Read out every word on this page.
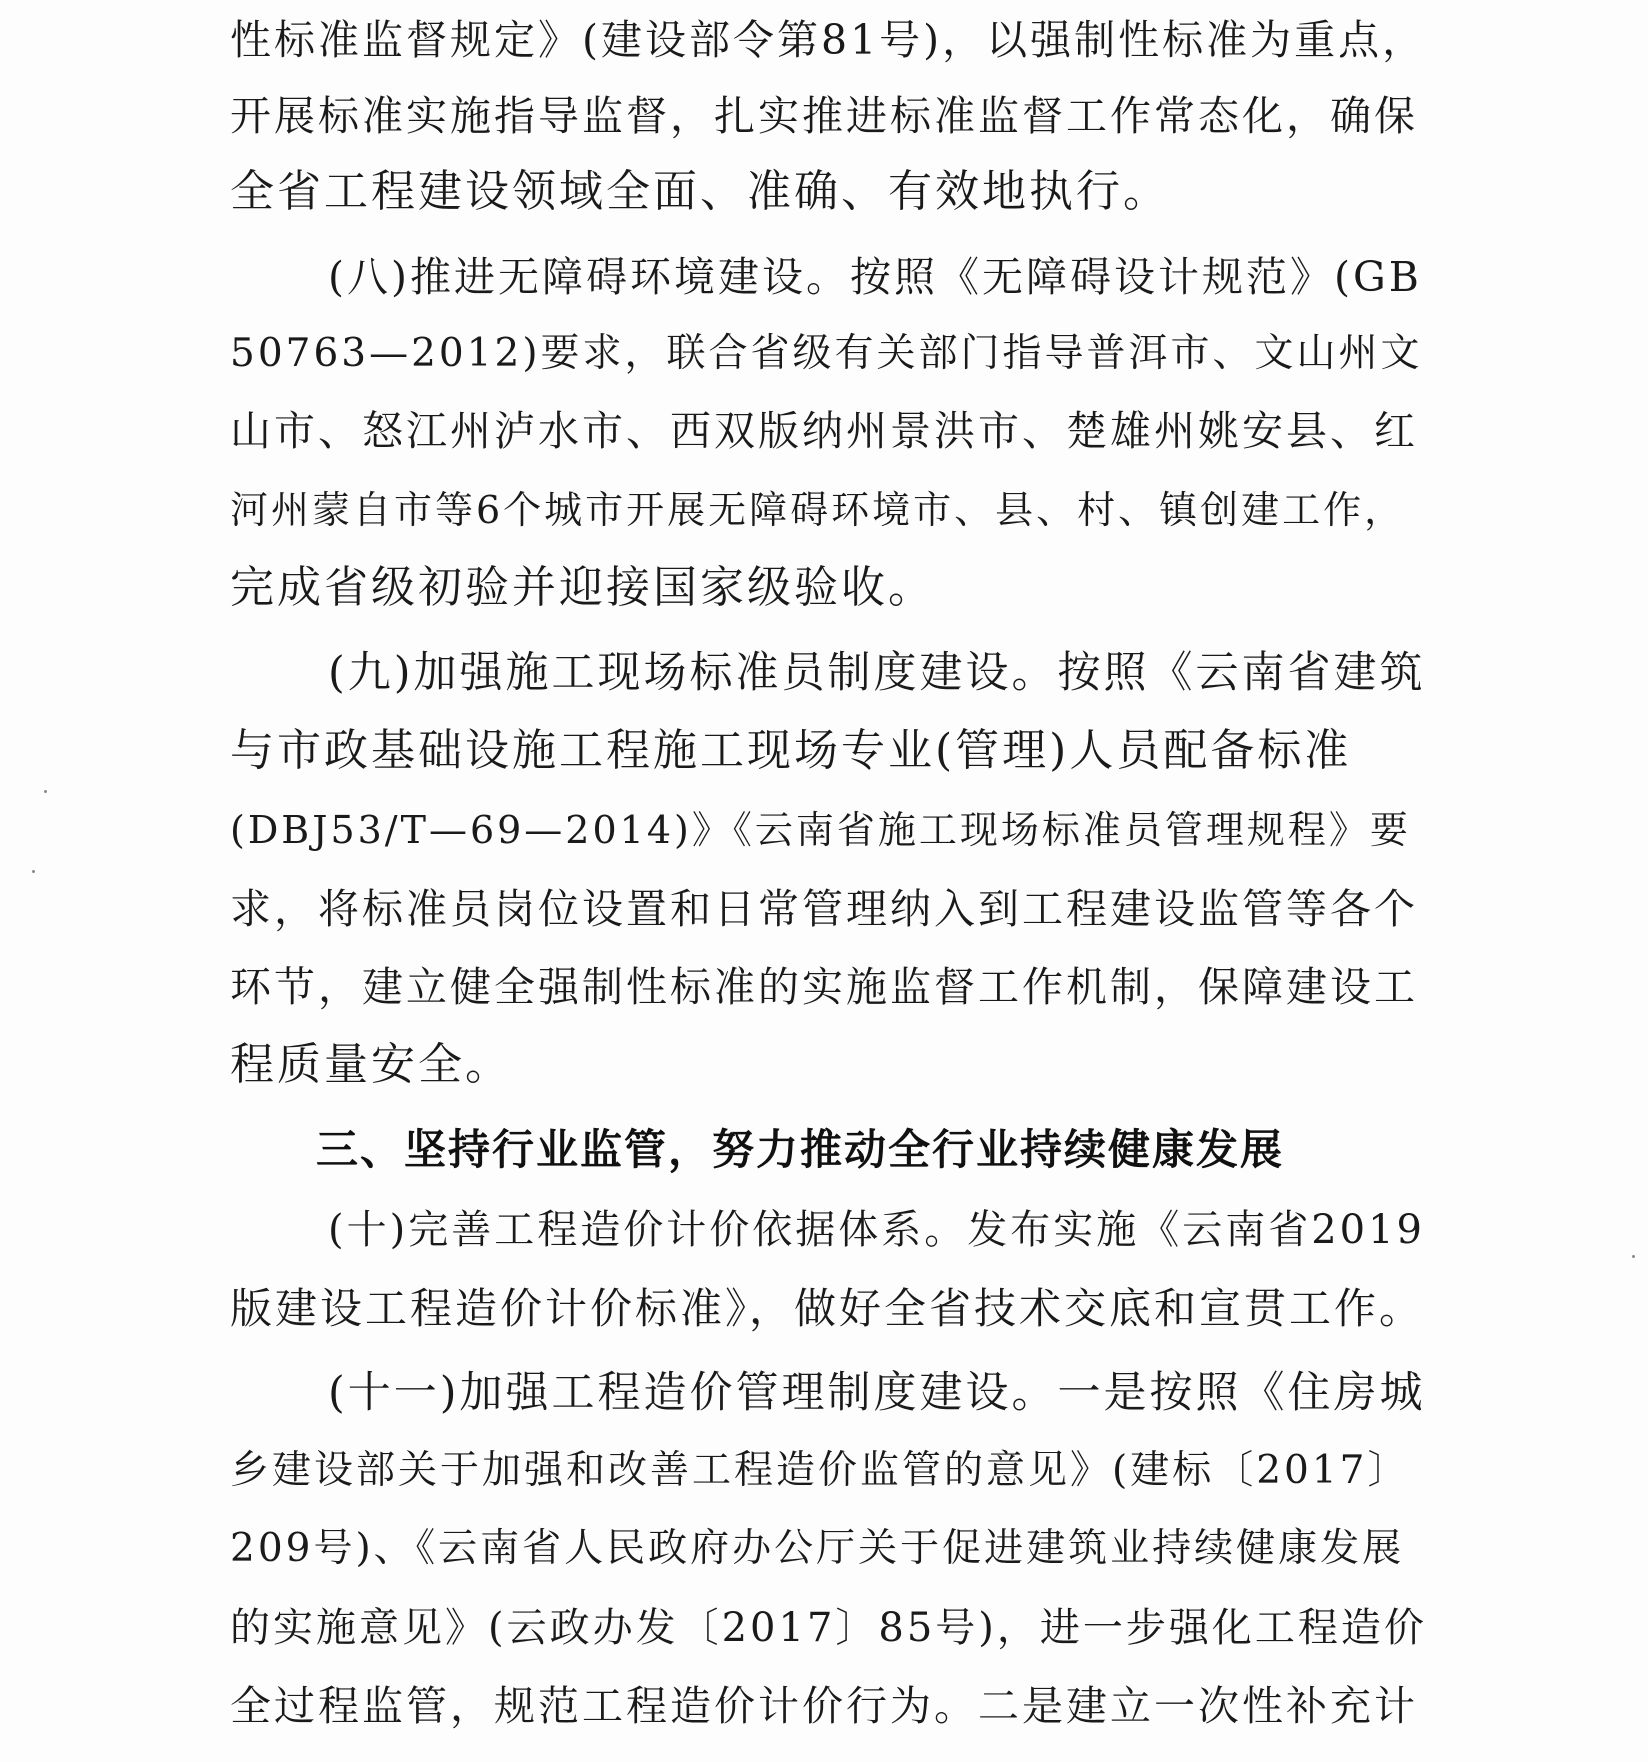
性标准监督规定》(建设部令第81号)，以强制性标准为重点，
开展标准实施指导监督，扎实推进标准监督工作常态化，确保
全省工程建设领域全面、准确、有效地执行。
(八)推进无障碍环境建设。按照《无障碍设计规范》(GB
50763—2012)要求，联合省级有关部门指导普洱市、文山州文
山市、怒江州泸水市、西双版纳州景洪市、楚雄州姚安县、红
河州蒙自市等6个城市开展无障碍环境市、县、村、镇创建工作，
完成省级初验并迎接国家级验收。
(九)加强施工现场标准员制度建设。按照《云南省建筑
与市政基础设施工程施工现场专业(管理)人员配备标准
(DBJ53/T—69—2014)》《云南省施工现场标准员管理规程》要
求，将标准员岗位设置和日常管理纳入到工程建设监管等各个
环节，建立健全强制性标准的实施监督工作机制，保障建设工
程质量安全。
三、坚持行业监管，努力推动全行业持续健康发展
(十)完善工程造价计价依据体系。发布实施《云南省2019
版建设工程造价计价标准》，做好全省技术交底和宣贯工作。
(十一)加强工程造价管理制度建设。一是按照《住房城
乡建设部关于加强和改善工程造价监管的意见》(建标〔2017〕
209号)、《云南省人民政府办公厅关于促进建筑业持续健康发展
的实施意见》(云政办发〔2017〕85号)，进一步强化工程造价
全过程监管，规范工程造价计价行为。二是建立一次性补充计
